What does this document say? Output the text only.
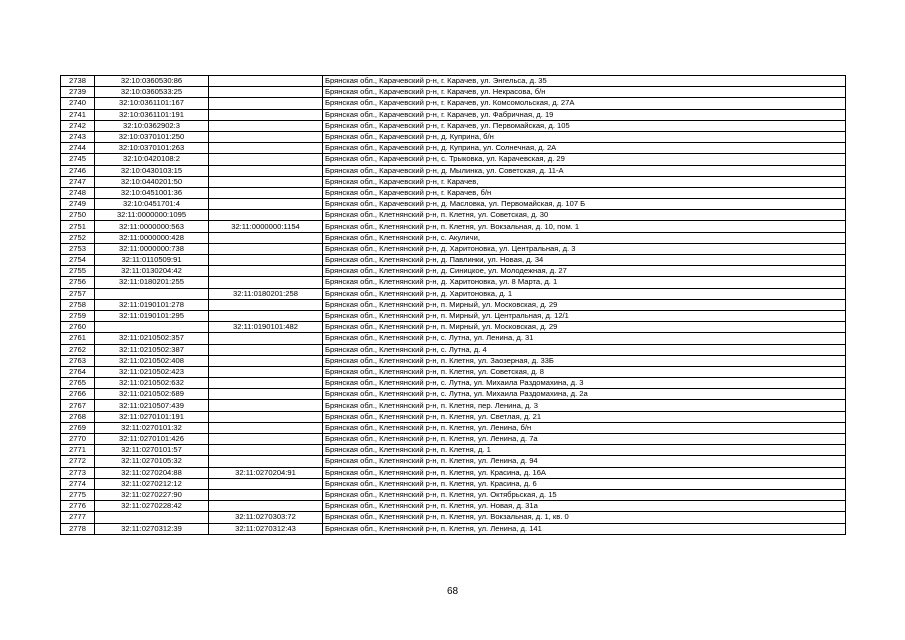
2738	32:10:0360530:86		Брянская обл., Карачевский р-н, г. Карачев, ул. Энгельса, д. 35
2739	32:10:0360533:25		Брянская обл., Карачевский р-н, г. Карачев, ул. Некрасова, б/н
2740	32:10:0361101:167		Брянская обл., Карачевский р-н, г. Карачев, ул. Комсомольская, д. 27А
2741	32:10:0361101:191		Брянская обл., Карачевский р-н, г. Карачев, ул. Фабричная, д. 19
2742	32:10:0362902:3		Брянская обл., Карачевский р-н, г. Карачев, ул. Первомайская, д. 105
2743	32:10:0370101:250		Брянская обл., Карачевский р-н, д. Куприна, б/н
2744	32:10:0370101:263		Брянская обл., Карачевский р-н, д. Куприна, ул. Солнечная, д. 2А
2745	32:10:0420108:2		Брянская обл., Карачевский р-н, с. Трыковка, ул. Карачевская, д. 29
2746	32:10:0430103:15		Брянская обл., Карачевский р-н, д. Мылинка, ул. Советская, д. 11-А
2747	32:10:0440201:50		Брянская обл., Карачевский р-н, г. Карачев,
2748	32:10:0451001:36		Брянская обл., Карачевский р-н, г. Карачев, б/н
2749	32:10:0451701:4		Брянская обл., Карачевский р-н, д. Масловка, ул. Первомайская, д. 107 Б
2750	32:11:0000000:1095		Брянская обл., Клетнянский р-н, п. Клетня, ул. Советская, д. 30
2751	32:11:0000000:563	32:11:0000000:1154	Брянская обл., Клетнянский р-н, п. Клетня, ул. Вокзальная, д. 10, пом. 1
2752	32:11:0000000:428		Брянская обл., Клетнянский р-н, с. Акуличи,
2753	32:11:0000000:738		Брянская обл., Клетнянский р-н, д. Харитоновка, ул. Центральная, д. 3
2754	32:11:0110509:91		Брянская обл., Клетнянский р-н, д. Павлинки, ул. Новая, д. 34
2755	32:11:0130204:42		Брянская обл., Клетнянский р-н, д. Синицкое, ул. Молодежная, д. 27
2756	32:11:0180201:255		Брянская обл., Клетнянский р-н, д. Харитоновка, ул. 8 Марта, д. 1
2757		32:11:0180201:258	Брянская обл., Клетнянский р-н, д. Харитоновка, д. 1
2758	32:11:0190101:278		Брянская обл., Клетнянский р-н, п. Мирный, ул. Московская, д. 29
2759	32:11:0190101:295		Брянская обл., Клетнянский р-н, п. Мирный, ул. Центральная, д. 12/1
2760		32:11:0190101:482	Брянская обл., Клетнянский р-н, п. Мирный, ул. Московская, д. 29
2761	32:11:0210502:357		Брянская обл., Клетнянский р-н, с. Лутна, ул. Ленина, д. 31
2762	32:11:0210502:387		Брянская обл., Клетнянский р-н, с. Лутна, д. 4
2763	32:11:0210502:408		Брянская обл., Клетнянский р-н, п. Клетня, ул. Заозерная, д. 33Б
2764	32:11:0210502:423		Брянская обл., Клетнянский р-н, п. Клетня, ул. Советская, д. 8
2765	32:11:0210502:632		Брянская обл., Клетнянский р-н, с. Лутна, ул. Михаила Раздомахина, д. 3
2766	32:11:0210502:689		Брянская обл., Клетнянский р-н, с. Лутна, ул. Михаила Раздомахина, д. 2а
2767	32:11:0210507:439		Брянская обл., Клетнянский р-н, п. Клетня, пер. Ленина, д. 3
2768	32:11:0270101:191		Брянская обл., Клетнянский р-н, п. Клетня, ул. Светлая, д. 21
2769	32:11:0270101:32		Брянская обл., Клетнянский р-н, п. Клетня, ул. Ленина, б/н
2770	32:11:0270101:426		Брянская обл., Клетнянский р-н, п. Клетня, ул. Ленина, д. 7а
2771	32:11:0270101:57		Брянская обл., Клетнянский р-н, п. Клетня, д. 1
2772	32:11:0270105:32		Брянская обл., Клетнянский р-н, п. Клетня, ул. Ленина, д. 94
2773	32:11:0270204:88	32:11:0270204:91	Брянская обл., Клетнянский р-н, п. Клетня, ул. Красина, д. 16А
2774	32:11:0270212:12		Брянская обл., Клетнянский р-н, п. Клетня, ул. Красина, д. 6
2775	32:11:0270227:90		Брянская обл., Клетнянский р-н, п. Клетня, ул. Октябрьская, д. 15
2776	32:11:0270228:42		Брянская обл., Клетнянский р-н, п. Клетня, ул. Новая, д. 31а
2777		32:11:0270303:72	Брянская обл., Клетнянский р-н, п. Клетня, ул. Вокзальная, д. 1, кв. 0
2778	32:11:0270312:39	32:11:0270312:43	Брянская обл., Клетнянский р-н, п. Клетня, ул. Ленина, д. 141
68
